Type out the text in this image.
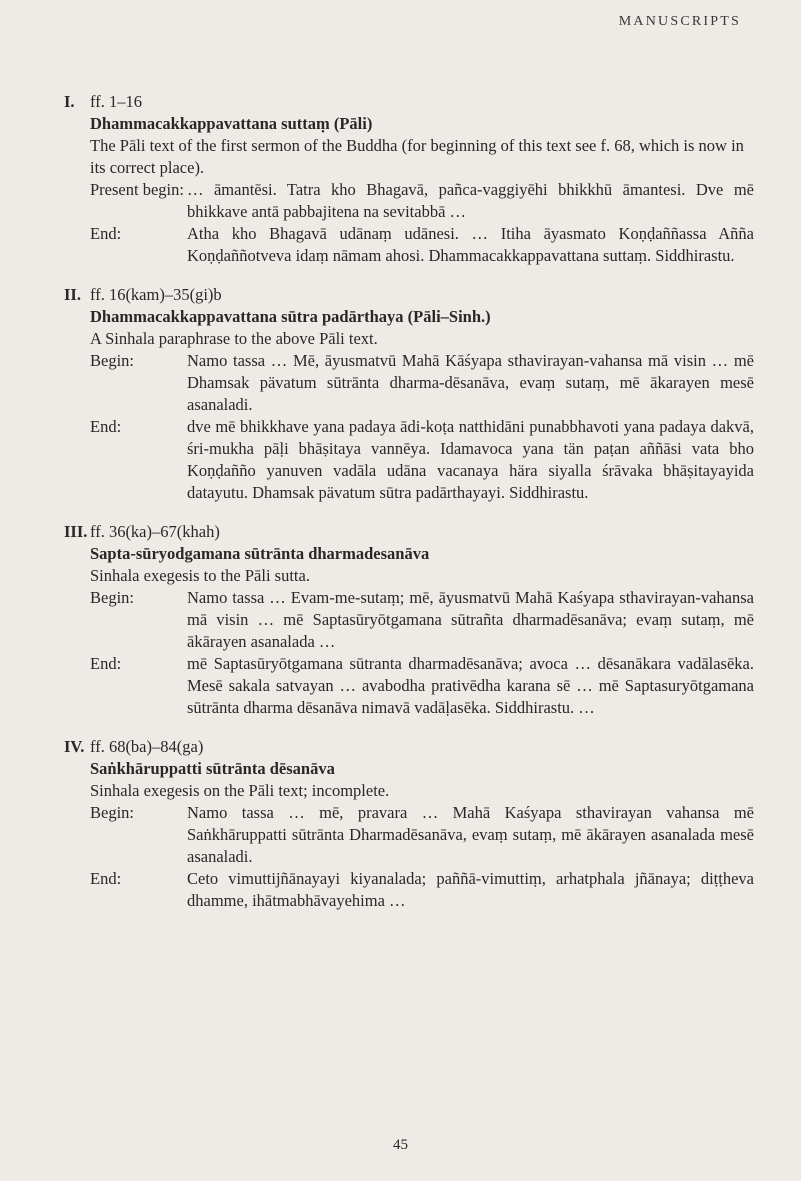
MANUSCRIPTS
I. ff. 1–16
Dhammacakkappavattana suttaṃ (Pāli)
The Pāli text of the first sermon of the Buddha (for beginning of this text see f. 68, which is now in its correct place).
Present begin: … āmantēsi. Tatra kho Bhagavā, pañca-vaggiyēhi bhikkhū āmantesi. Dve mē bhikkave antā pabbajitena na sevitabbā …
End:	Atha kho Bhagavā udānaṃ udānesi. … Itiha āyasmato Koṇḍaññassa Añña Koṇḍaññotveva idaṃ nāmam ahosi. Dhammacakkappavattana suttaṃ. Siddhirastu.
II. ff. 16(kam)–35(gi)b
Dhammacakkappavattana sūtra padārthaya (Pāli–Sinh.)
A Sinhala paraphrase to the above Pāli text.
Begin:	Namo tassa … Mē, āyusmatvū Mahā Kāśyapa sthavirayan-vahansa mā visin … mē Dhamsak pävatum sūtrānta dharma-dēsanāva, evaṃ sutaṃ, mē ākarayen mesē asanaladi.
End:	dve mē bhikkhave yana padaya ādi-koṭa natthidāni punabbhavoti yana padaya dakvā, śri-mukha pāḷi bhāṣitaya vannēya. Idamavoca yana tän paṭan aññāsi vata bho Koṇḍañño yanuven vadāla udāna vacanaya hära siyalla śrāvaka bhāṣitayayida datayutu. Dhamsak pävatum sūtra padārthayayi. Siddhirastu.
III. ff. 36(ka)–67(khah)
Sapta-sūryodgamana sūtrānta dharmadesanāva
Sinhala exegesis to the Pāli sutta.
Begin:	Namo tassa … Evam-me-sutaṃ; mē, āyusmatvū Mahā Kaśyapa sthavirayan-vahansa mā visin … mē Saptasūryōtgamana sūtrañta dharmadēsanāva; evaṃ sutaṃ, mē ākārayen asanalada …
End:	mē Saptasūryōtgamana sūtranta dharmadēsanāva; avoca … dēsanākara vadālasēka. Mesē sakala satvayan … avabodha prativēdha karana sē … mē Saptasuryōtgamana sūtrānta dharma dēsanāva nimavā vadāḷasēka. Siddhirastu. …
IV. ff. 68(ba)–84(ga)
Saṅkhāruppatti sūtrānta dēsanāva
Sinhala exegesis on the Pāli text; incomplete.
Begin:	Namo tassa … mē, pravara … Mahā Kaśyapa sthavirayan vahansa mē Saṅkhāruppatti sūtrānta Dharmadēsanāva, evaṃ sutaṃ, mē ākārayen asanalada mesē asanaladi.
End:	Ceto vimuttijñānayayi kiyanalada; paññā-vimuttiṃ, arhatphala jñānaya; diṭṭheva dhamme, ihātmabhāvayehima …
45
